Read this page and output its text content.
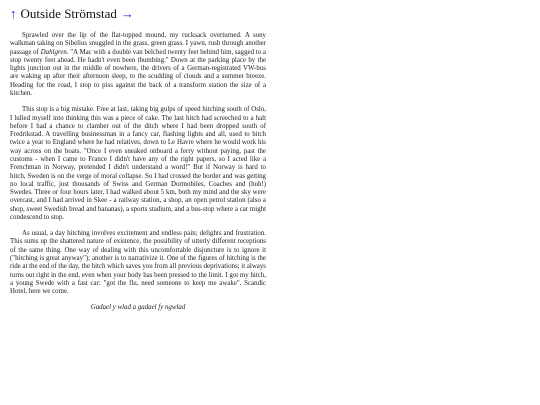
↑ Outside Strömstad →

Sprawled over the lip of the flat-topped mound, my rucksack overturned. A sony walkman taking on Sibelius snuggled in the grass, green grass. I yawn, rush through another passage of Dahlgren. "A Mac with a double van belched twenty feet behind him, sagged to a stop twenty feet ahead. He hadn't even been thumbing." Down at the parking place by the lights junction out in the middle of nowhere, the drivers of a German-registrated VW-bus are waking up after their afternoon sleep, to the scudding of clouds and a summer breeze. Heading for the road, I stop to piss against the back of a transform station the size of a kitchen.

This stop is a big mistake. Free at last, taking big gulps of speed hitching south of Oslo, I lulled myself into thinking this was a piece of cake. The last hitch had screeched to a halt before I had a chance to clamber out of the ditch where I had been dropped south of Fredrikstad. A travelling businessman in a fancy car, flashing lights and all, used to hitch twice a year to England where he had relatives, down to Le Havre where he would work his way across on the boats. "Once I even sneaked onboard a ferry without paying, past the customs - when I came to France I didn't have any of the right papers, so I acted like a Frenchman in Norway, pretended I didn't understand a word!" But if Norway is hard to hitch, Sweden is on the verge of moral collapse. So I had crossed the border and was getting no local traffic, just thousands of Swiss and German Dormobiles, Coaches and (huh!) Swedes. Three or four hours later, I had walked about 5 km, both my mind and the sky were overcast, and I had arrived in Skee - a railway station, a shop, an open petrol station (also a shop, sweet Swedish bread and bananas), a sports stadium, and a bus-stop where a car might condescend to stop.

As usual, a day hitching involves excitement and endless pain; delights and frustration. This sums up the shattered nature of existence, the possibility of utterly different receptions of the same thing. One way of dealing with this uncomfortable disjuncture is to ignore it ("hitching is great anyway"); another is to narrativize it. One of the figures of hitching is the ride at the end of the day, the hitch which saves you from all previous deprivations; it always turns out right in the end, even when your body has been pressed to the limit. I got my hitch, a young Swede with a fast car: "got the flu, need someone to keep me awake". Scandic Hotel, here we come.

Gadael y wlad a gadael fy ngwlad
